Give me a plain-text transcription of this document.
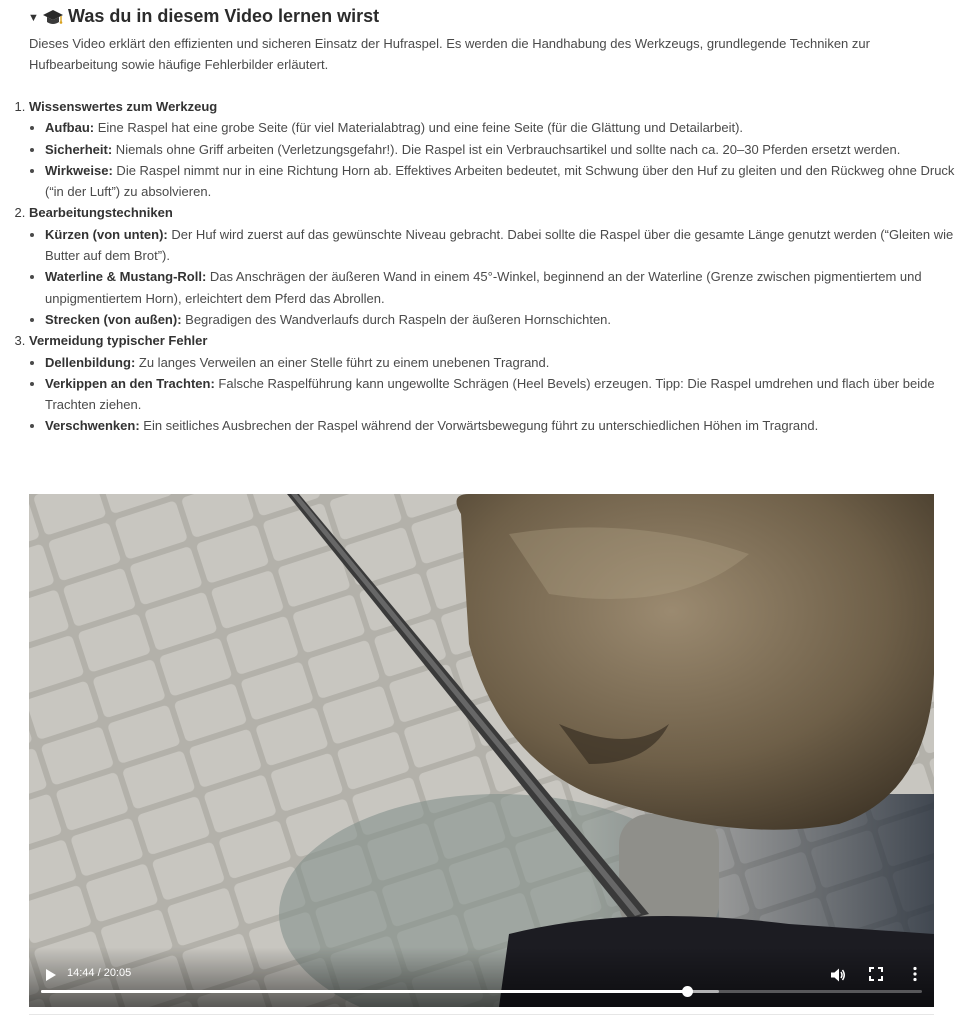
▼ Was du in diesem Video lernen wirst

Dieses Video erklärt den effizienten und sicheren Einsatz der Hufraspel. Es werden die Handhabung des Werkzeugs, grundlegende Techniken zur Hufbearbeitung sowie häufige Fehlerbilder erläutert.

1. Wissenswertes zum Werkzeug
• Aufbau: Eine Raspel hat eine grobe Seite (für viel Materialabtrag) und eine feine Seite (für die Glättung und Detailarbeit).
• Sicherheit: Niemals ohne Griff arbeiten (Verletzungsgefahr!). Die Raspel ist ein Verbrauchsartikel und sollte nach ca. 20–30 Pferden ersetzt werden.
• Wirkweise: Die Raspel nimmt nur in eine Richtung Horn ab. Effektives Arbeiten bedeutet, mit Schwung über den Huf zu gleiten und den Rückweg ohne Druck (“in der Luft”) zu absolvieren.
2. Bearbeitungstechniken
• Kürzen (von unten): Der Huf wird zuerst auf das gewünschte Niveau gebracht. Dabei sollte die Raspel über die gesamte Länge genutzt werden (“Gleiten wie Butter auf dem Brot”).
• Waterline & Mustang-Roll: Das Anschrägen der äußeren Wand in einem 45°-Winkel, beginnend an der Waterline (Grenze zwischen pigmentiertem und unpigmentiertem Horn), erleichtert dem Pferd das Abrollen.
• Strecken (von außen): Begradigen des Wandverlaufs durch Raspeln der äußeren Hornschichten.
3. Vermeidung typischer Fehler
• Dellenbildung: Zu langes Verweilen an einer Stelle führt zu einem unebenen Tragrand.
• Verkippen an den Trachten: Falsche Raspelführung kann ungewollte Schrägen (Heel Bevels) erzeugen. Tipp: Die Raspel umdrehen und flach über beide Trachten ziehen.
• Verschwenken: Ein seitliches Ausbrechen der Raspel während der Vorwärtsbewegung führt zu unterschiedlichen Höhen im Tragrand.
14:44 / 20:05
